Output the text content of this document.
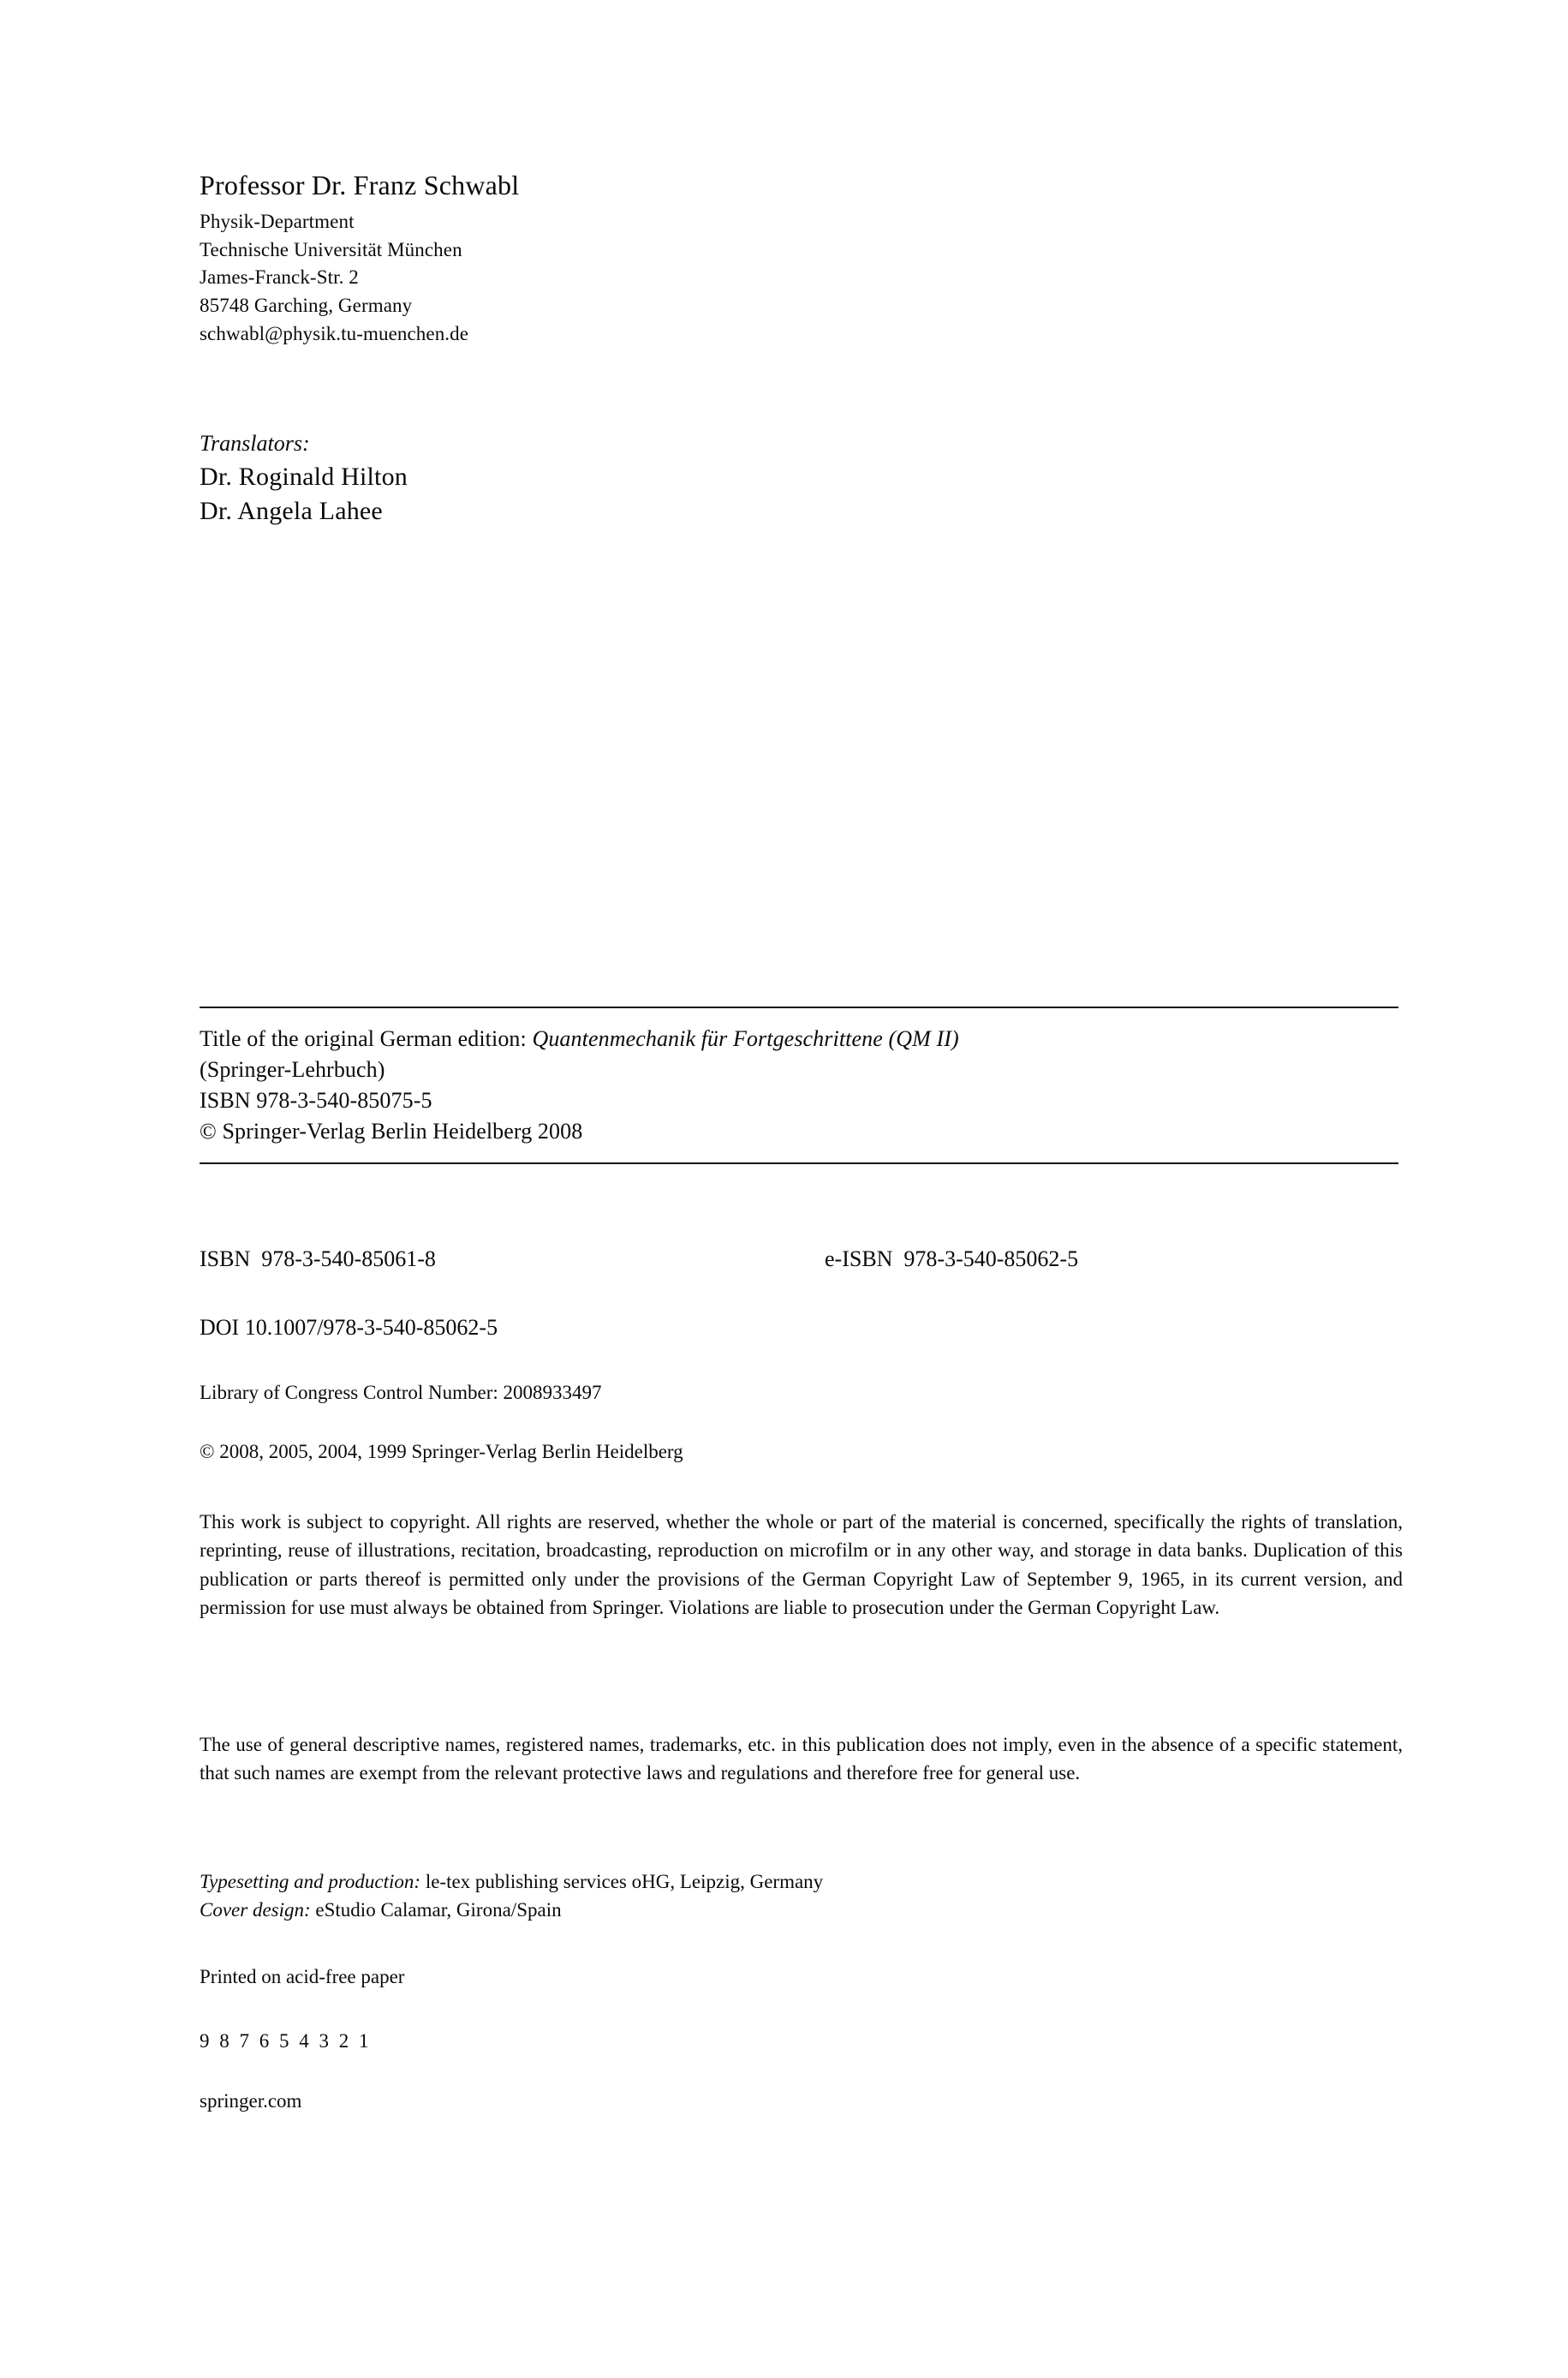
Professor Dr. Franz Schwabl
Physik-Department
Technische Universität München
James-Franck-Str. 2
85748 Garching, Germany
schwabl@physik.tu-muenchen.de
Translators:
Dr. Roginald Hilton
Dr. Angela Lahee
Title of the original German edition: Quantenmechanik für Fortgeschrittene (QM II)
(Springer-Lehrbuch)
ISBN 978-3-540-85075-5
© Springer-Verlag Berlin Heidelberg 2008
ISBN  978-3-540-85061-8	e-ISBN  978-3-540-85062-5
DOI 10.1007/978-3-540-85062-5
Library of Congress Control Number: 2008933497
© 2008, 2005, 2004, 1999 Springer-Verlag Berlin Heidelberg
This work is subject to copyright. All rights are reserved, whether the whole or part of the material is concerned, specifically the rights of translation, reprinting, reuse of illustrations, recitation, broadcasting, reproduction on microfilm or in any other way, and storage in data banks. Duplication of this publication or parts thereof is permitted only under the provisions of the German Copyright Law of September 9, 1965, in its current version, and permission for use must always be obtained from Springer. Violations are liable to prosecution under the German Copyright Law.
The use of general descriptive names, registered names, trademarks, etc. in this publication does not imply, even in the absence of a specific statement, that such names are exempt from the relevant protective laws and regulations and therefore free for general use.
Typesetting and production: le-tex publishing services oHG, Leipzig, Germany
Cover design: eStudio Calamar, Girona/Spain
Printed on acid-free paper
9 8 7 6 5 4 3 2 1
springer.com
